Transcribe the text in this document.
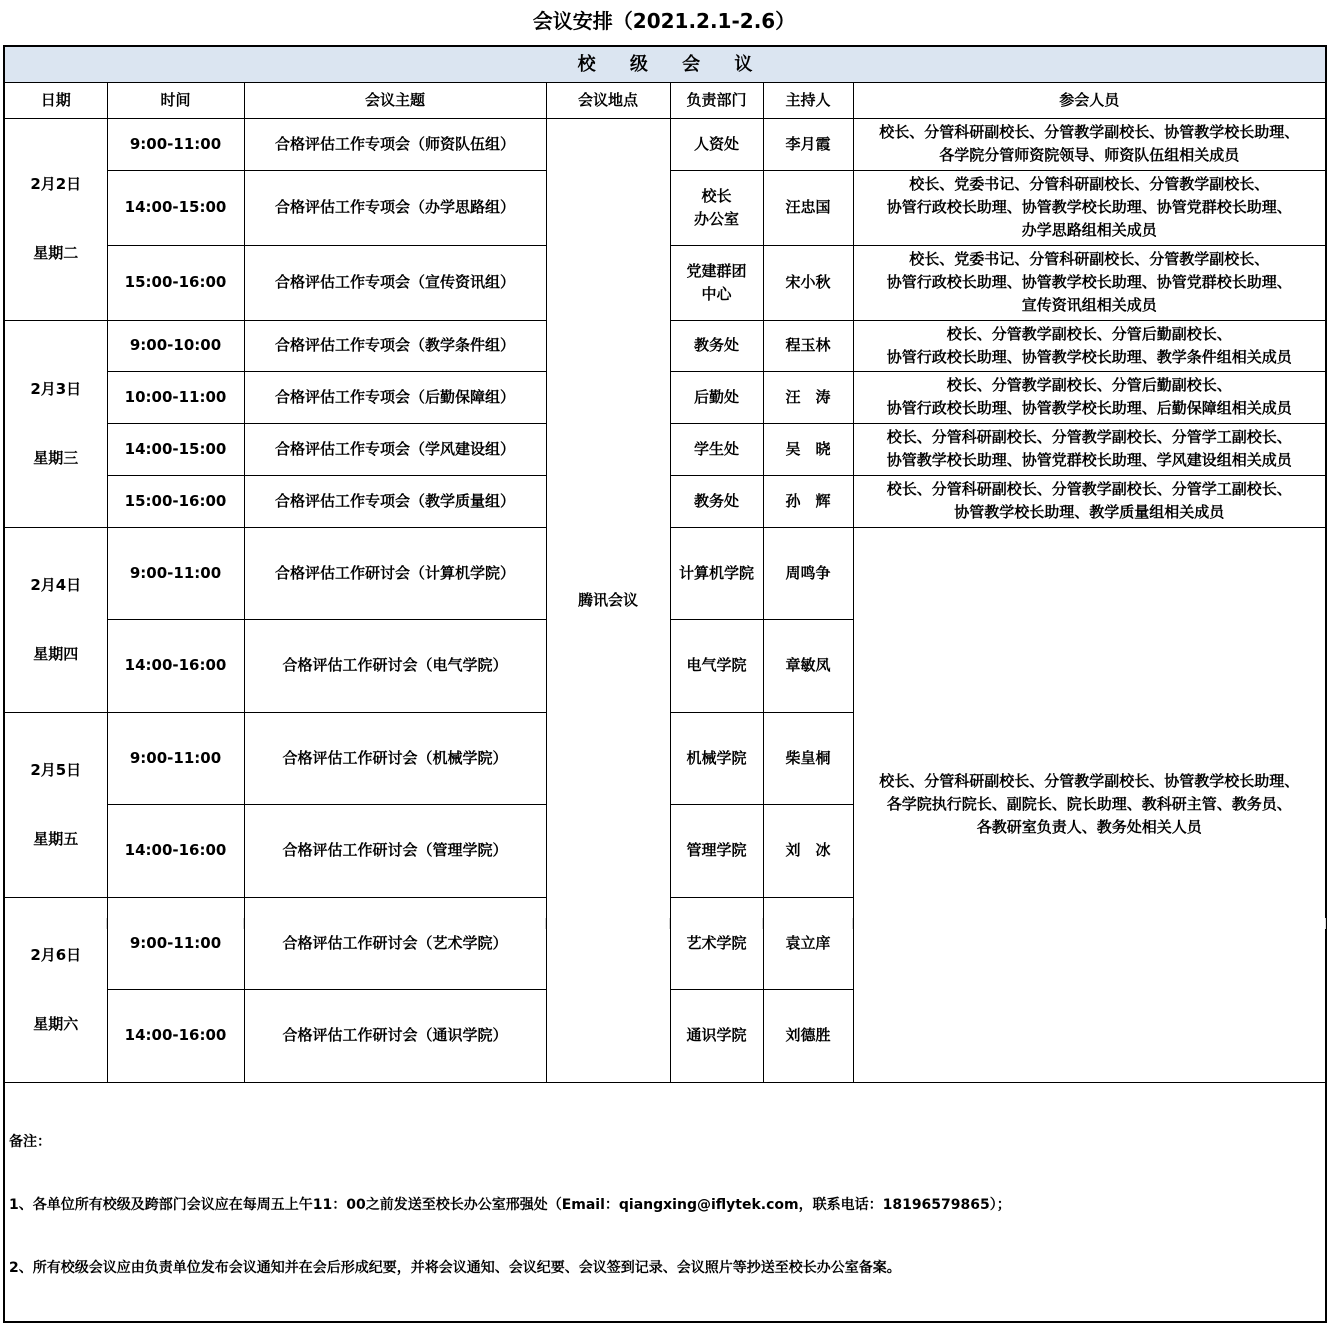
会议安排（2021.2.1-2.6）
校 级 会 议						
日期	时间	会议主题	会议地点	负责部门	主持人	参会人员

2月2日

星期二	9:00-11:00	合格评估工作专项会（师资队伍组）	腾讯会议	人资处	李月霞	校长、分管科研副校长、分管教学副校长、协管教学校长助理、
各学院分管师资院领导、师资队伍组相关成员
	14:00-15:00	合格评估工作专项会（办学思路组）		校长
办公室	汪忠国	校长、党委书记、分管科研副校长、分管教学副校长、
协管行政校长助理、协管教学校长助理、协管党群校长助理、
办学思路组相关成员
	15:00-16:00	合格评估工作专项会（宣传资讯组）		党建群团
中心	宋小秋	校长、党委书记、分管科研副校长、分管教学副校长、
协管行政校长助理、协管教学校长助理、协管党群校长助理、
宣传资讯组相关成员

2月3日

星期三	9:00-10:00	合格评估工作专项会（教学条件组）		教务处	程玉林	校长、分管教学副校长、分管后勤副校长、
协管行政校长助理、协管教学校长助理、教学条件组相关成员
	10:00-11:00	合格评估工作专项会（后勤保障组）		后勤处	汪　涛	校长、分管教学副校长、分管后勤副校长、
协管行政校长助理、协管教学校长助理、后勤保障组相关成员
	14:00-15:00	合格评估工作专项会（学风建设组）		学生处	吴　晓	校长、分管科研副校长、分管教学副校长、分管学工副校长、
协管教学校长助理、协管党群校长助理、学风建设组相关成员
	15:00-16:00	合格评估工作专项会（教学质量组）		教务处	孙　辉	校长、分管科研副校长、分管教学副校长、分管学工副校长、
协管教学校长助理、教学质量组相关成员

2月4日

星期四	9:00-11:00	合格评估工作研讨会（计算机学院）		计算机学院	周鸣争	校长、分管科研副校长、分管教学副校长、协管教学校长助理、
各学院执行院长、副院长、院长助理、教科研主管、教务员、
各教研室负责人、教务处相关人员
	14:00-16:00	合格评估工作研讨会（电气学院）		电气学院	章敏凤	

2月5日

星期五	9:00-11:00	合格评估工作研讨会（机械学院）		机械学院	柴皇桐	
	14:00-16:00	合格评估工作研讨会（管理学院）		管理学院	刘　冰	

2月6日

星期六	9:00-11:00	合格评估工作研讨会（艺术学院）		艺术学院	袁立庠	
	14:00-16:00	合格评估工作研讨会（通识学院）		通识学院	刘德胜	

备注：

1、各单位所有校级及跨部门会议应在每周五上午11：00之前发送至校长办公室邢强处（Email：qiangxing@iflytek.com，联系电话：18196579865）；

2、所有校级会议应由负责单位发布会议通知并在会后形成纪要，并将会议通知、会议纪要、会议签到记录、会议照片等抄送至校长办公室备案。						
